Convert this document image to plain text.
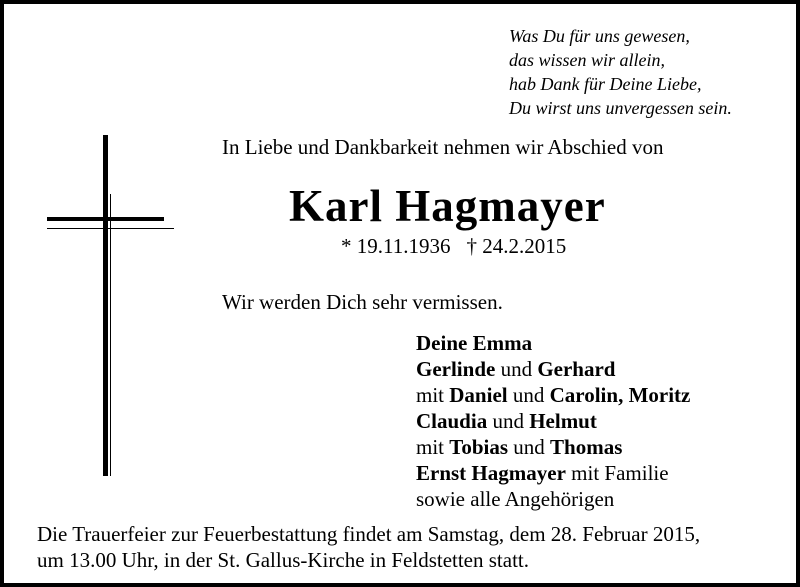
Was Du für uns gewesen,
das wissen wir allein,
hab Dank für Deine Liebe,
Du wirst uns unvergessen sein.
In Liebe und Dankbarkeit nehmen wir Abschied von
Karl Hagmayer
* 19.11.1936 † 24.2.2015
Wir werden Dich sehr vermissen.
Deine Emma
Gerlinde und Gerhard
mit Daniel und Carolin, Moritz
Claudia und Helmut
mit Tobias und Thomas
Ernst Hagmayer mit Familie
sowie alle Angehörigen
Die Trauerfeier zur Feuerbestattung findet am Samstag, dem 28. Februar 2015,
um 13.00 Uhr, in der St. Gallus-Kirche in Feldstetten statt.
